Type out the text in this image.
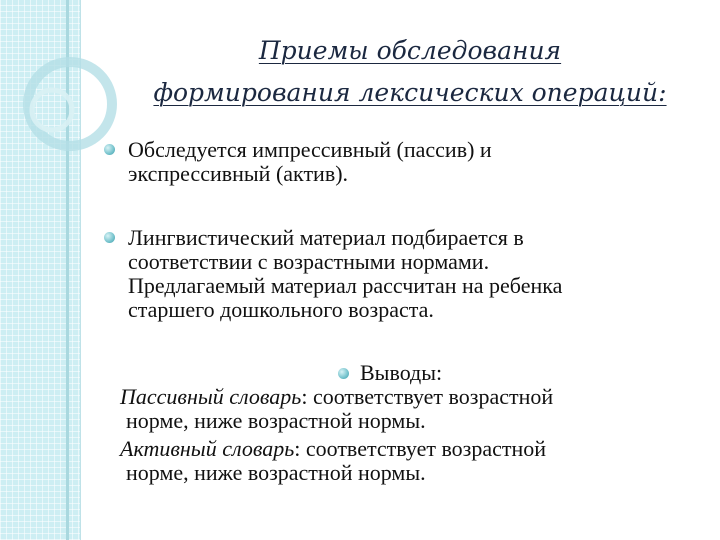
Приемы обследования
формирования лексических операций:
Обследуется импрессивный (пассив) и
экспрессивный (актив).
Лингвистический материал подбирается в
соответствии с возрастными нормами.
Предлагаемый материал рассчитан на ребенка
старшего дошкольного возраста.
Выводы:
Пассивный словарь: соответствует возрастной
норме, ниже возрастной нормы.
Активный словарь: соответствует возрастной
норме, ниже возрастной нормы.
